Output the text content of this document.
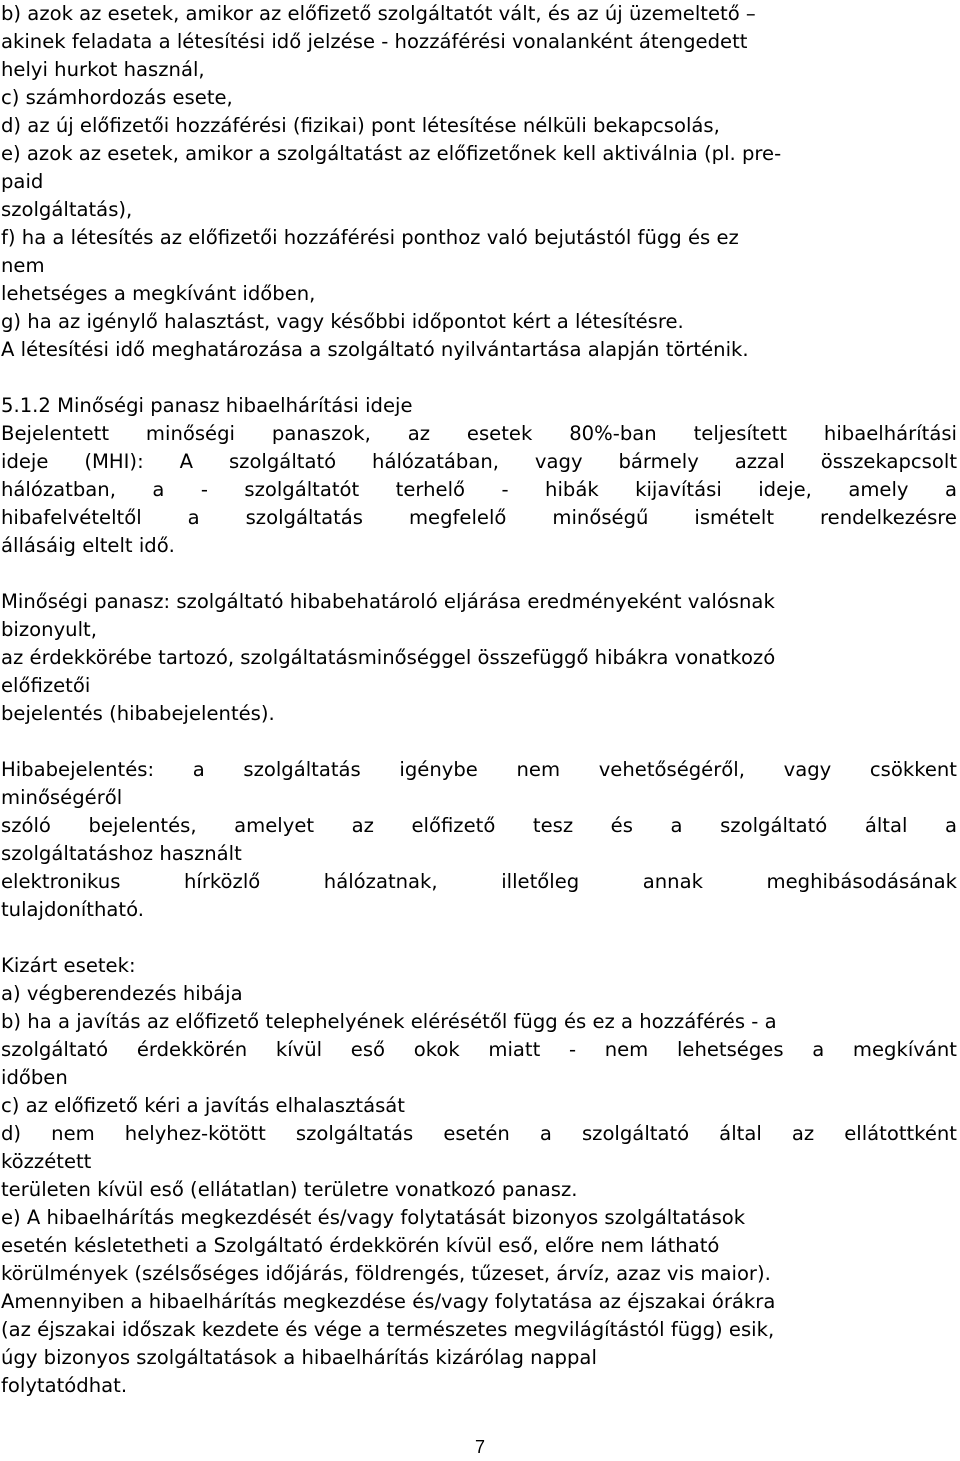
b) azok az esetek, amikor az előfizető szolgáltatót vált, és az új üzemeltető –
akinek feladata a létesítési idő jelzése - hozzáférési vonalanként átengedett
helyi hurkot használ,
c) számhordozás esete,
d) az új előfizetői hozzáférési (fizikai) pont létesítése nélküli bekapcsolás,
e) azok az esetek, amikor a szolgáltatást az előfizetőnek kell aktiválnia (pl. pre-
paid
szolgáltatás),
f) ha a létesítés az előfizetői hozzáférési ponthoz való bejutástól függ és ez
nem
lehetséges a megkívánt időben,
g) ha az igénylő halasztást, vagy későbbi időpontot kért a létesítésre.
A létesítési idő meghatározása a szolgáltató nyilvántartása alapján történik.
5.1.2 Minőségi panasz hibaelhárítási ideje
Bejelentett minőségi panaszok, az esetek 80%-ban teljesített hibaelhárítási
ideje (MHI): A szolgáltató hálózatában, vagy bármely azzal összekapcsolt
hálózatban, a - szolgáltatót terhelő - hibák kijavítási ideje, amely a
hibafelvételtől a szolgáltatás megfelelő minőségű ismételt rendelkezésre
állásáig eltelt idő.
Minőségi panasz: szolgáltató hibabehatároló eljárása eredményeként valósnak
bizonyult,
az érdekkörébe tartozó, szolgáltatásminőséggel összefüggő hibákra vonatkozó
előfizetői
bejelentés (hibabejelentés).
Hibabejelentés: a szolgáltatás igénybe nem vehetőségéről, vagy csökkent
minőségéről
szóló bejelentés, amelyet az előfizető tesz és a szolgáltató által a
szolgáltatáshoz használt
elektronikus hírközlő hálózatnak, illetőleg annak meghibásodásának
tulajdonítható.
Kizárt esetek:
a) végberendezés hibája
b) ha a javítás az előfizető telephelyének elérésétől függ és ez a hozzáférés - a
szolgáltató érdekkörén kívül eső okok miatt - nem lehetséges a megkívánt
időben
c) az előfizető kéri a javítás elhalasztását
d) nem helyhez-kötött szolgáltatás esetén a szolgáltató által az ellátottként
közzétett
területen kívül eső (ellátatlan) területre vonatkozó panasz.
e) A hibaelhárítás megkezdését és/vagy folytatását bizonyos szolgáltatások
esetén késletetheti a Szolgáltató érdekkörén kívül eső, előre nem látható
körülmények (szélsőséges időjárás, földrengés, tűzeset, árvíz, azaz vis maior).
Amennyiben a hibaelhárítás megkezdése és/vagy folytatása az éjszakai órákra
(az éjszakai időszak kezdete és vége a természetes megvilágítástól függ) esik,
úgy bizonyos szolgáltatások a hibaelhárítás kizárólag nappal
folytatódhat.
7
